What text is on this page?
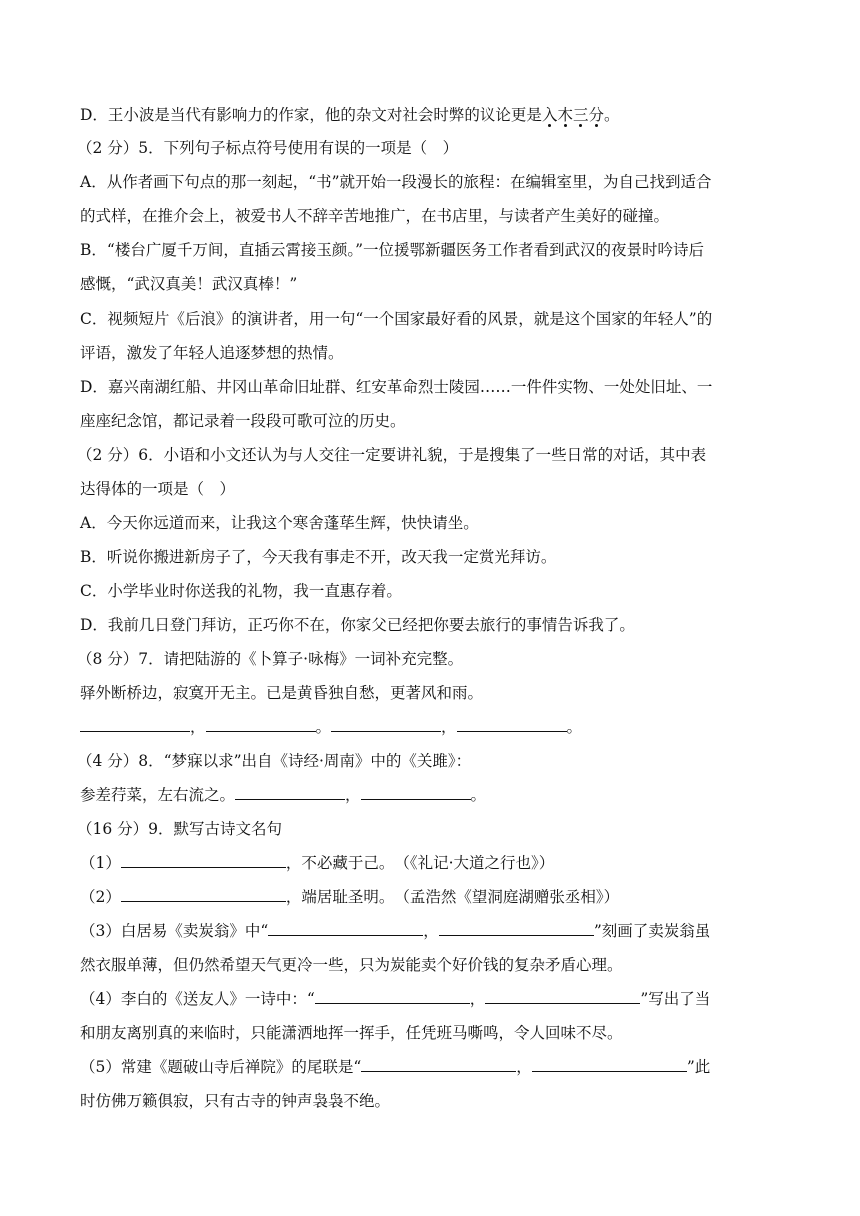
D．王小波是当代有影响力的作家，他的杂文对社会时弊的议论更是入木三分。
（2 分）5．下列句子标点符号使用有误的一项是（　）
A．从作者画下句点的那一刻起，“书”就开始一段漫长的旅程：在编辑室里，为自己找到适合
的式样，在推介会上，被爱书人不辞辛苦地推广，在书店里，与读者产生美好的碰撞。
B．“楼台广厦千万间，直插云霄接玉颜。”一位援鄂新疆医务工作者看到武汉的夜景时吟诗后
感慨，“武汉真美！武汉真棒！”
C．视频短片《后浪》的演讲者，用一句“一个国家最好看的风景，就是这个国家的年轻人”的
评语，激发了年轻人追逐梦想的热情。
D．嘉兴南湖红船、井冈山革命旧址群、红安革命烈士陵园……一件件实物、一处处旧址、一
座座纪念馆，都记录着一段段可歌可泣的历史。
（2 分）6．小语和小文还认为与人交往一定要讲礼貌，于是搜集了一些日常的对话，其中表
达得体的一项是（　）
A．今天你远道而来，让我这个寒舍蓬荜生辉，快快请坐。
B．听说你搬进新房子了，今天我有事走不开，改天我一定赏光拜访。
C．小学毕业时你送我的礼物，我一直惠存着。
D．我前几日登门拜访，正巧你不在，你家父已经把你要去旅行的事情告诉我了。
（8 分）7．请把陆游的《卜算子·咏梅》一词补充完整。
驿外断桥边，寂寞开无主。已是黄昏独自愁，更著风和雨。
，	。	，	。
（4 分）8．“梦寐以求”出自《诗经·周南》中的《关雎》：
参差荇菜，左右流之。	，	。
（16 分）9．默写古诗文名句
（1）	，不必藏于己。　（《礼记·大道之行也》）
（2）	，端居耻圣明。　（孟浩然《望洞庭湖赠张丞相》）
（3）白居易《卖炭翁》中“	，	”刻画了卖炭翁虽
然衣服单薄，但仍然希望天气更冷一些，只为炭能卖个好价钱的复杂矛盾心理。
（4）李白的《送友人》一诗中：“	，	”写出了当
和朋友离别真的来临时，只能潇洒地挥一挥手，任凭班马嘶鸣，令人回味不尽。
（5）常建《题破山寺后禅院》的尾联是“	，	”此
时仿佛万籁俱寂，只有古寺的钟声袅袅不绝。
